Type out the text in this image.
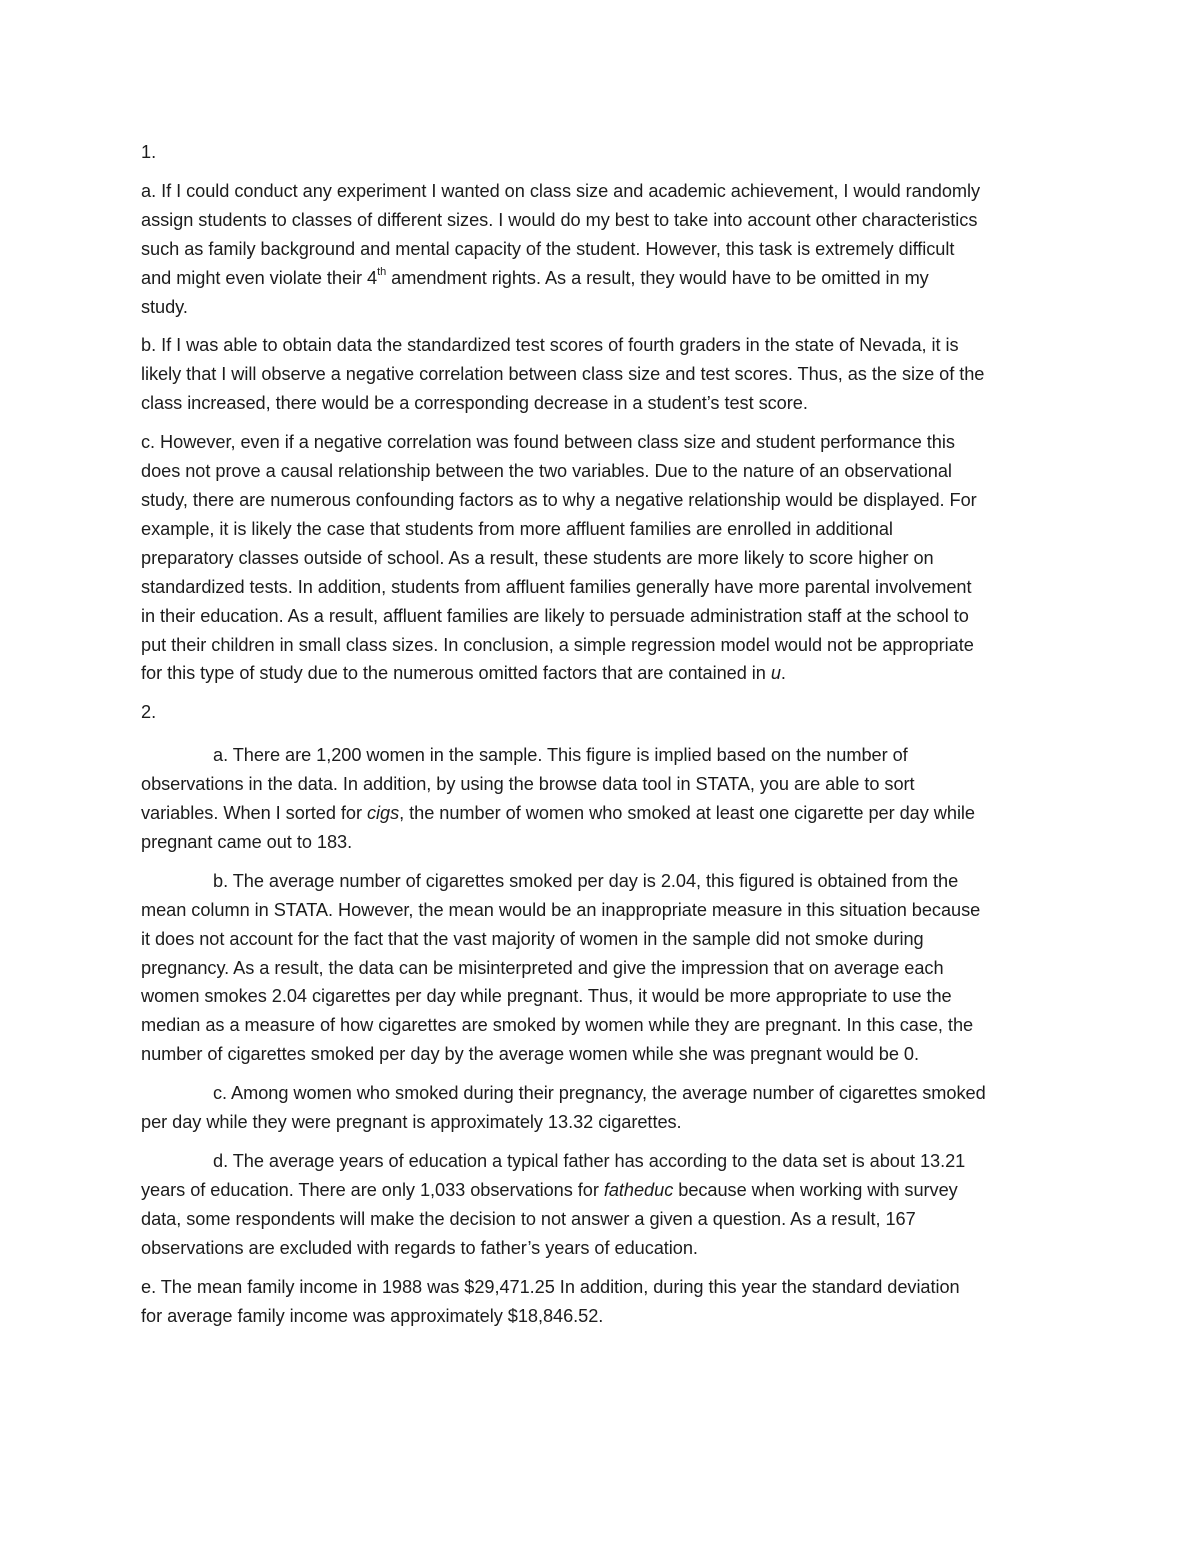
1.

a. If I could conduct any experiment I wanted on class size and academic achievement, I would randomly
assign students to classes of different sizes. I would do my best to take into account other characteristics
such as family background and mental capacity of the student. However, this task is extremely difficult
and might even violate their 4th amendment rights. As a result, they would have to be omitted in my
study.

b. If I was able to obtain data the standardized test scores of fourth graders in the state of Nevada, it is
likely that I will observe a negative correlation between class size and test scores. Thus, as the size of the
class increased, there would be a corresponding decrease in a student’s test score.

c. However, even if a negative correlation was found between class size and student performance this
does not prove a causal relationship between the two variables. Due to the nature of an observational
study, there are numerous confounding factors as to why a negative relationship would be displayed. For
example, it is likely the case that students from more affluent families are enrolled in additional
preparatory classes outside of school. As a result, these students are more likely to score higher on
standardized tests. In addition, students from affluent families generally have more parental involvement
in their education. As a result, affluent families are likely to persuade administration staff at the school to
put their children in small class sizes. In conclusion, a simple regression model would not be appropriate
for this type of study due to the numerous omitted factors that are contained in u.

2.

a. There are 1,200 women in the sample. This figure is implied based on the number of
observations in the data. In addition, by using the browse data tool in STATA, you are able to sort
variables. When I sorted for cigs, the number of women who smoked at least one cigarette per day while
pregnant came out to 183.

b. The average number of cigarettes smoked per day is 2.04, this figured is obtained from the
mean column in STATA. However, the mean would be an inappropriate measure in this situation because
it does not account for the fact that the vast majority of women in the sample did not smoke during
pregnancy. As a result, the data can be misinterpreted and give the impression that on average each
women smokes 2.04 cigarettes per day while pregnant. Thus, it would be more appropriate to use the
median as a measure of how cigarettes are smoked by women while they are pregnant. In this case, the
number of cigarettes smoked per day by the average women while she was pregnant would be 0.

c. Among women who smoked during their pregnancy, the average number of cigarettes smoked
per day while they were pregnant is approximately 13.32 cigarettes.

d. The average years of education a typical father has according to the data set is about 13.21
years of education. There are only 1,033 observations for fatheduc because when working with survey
data, some respondents will make the decision to not answer a given a question. As a result, 167
observations are excluded with regards to father’s years of education.

e. The mean family income in 1988 was $29,471.25 In addition, during this year the standard deviation
for average family income was approximately $18,846.52.
